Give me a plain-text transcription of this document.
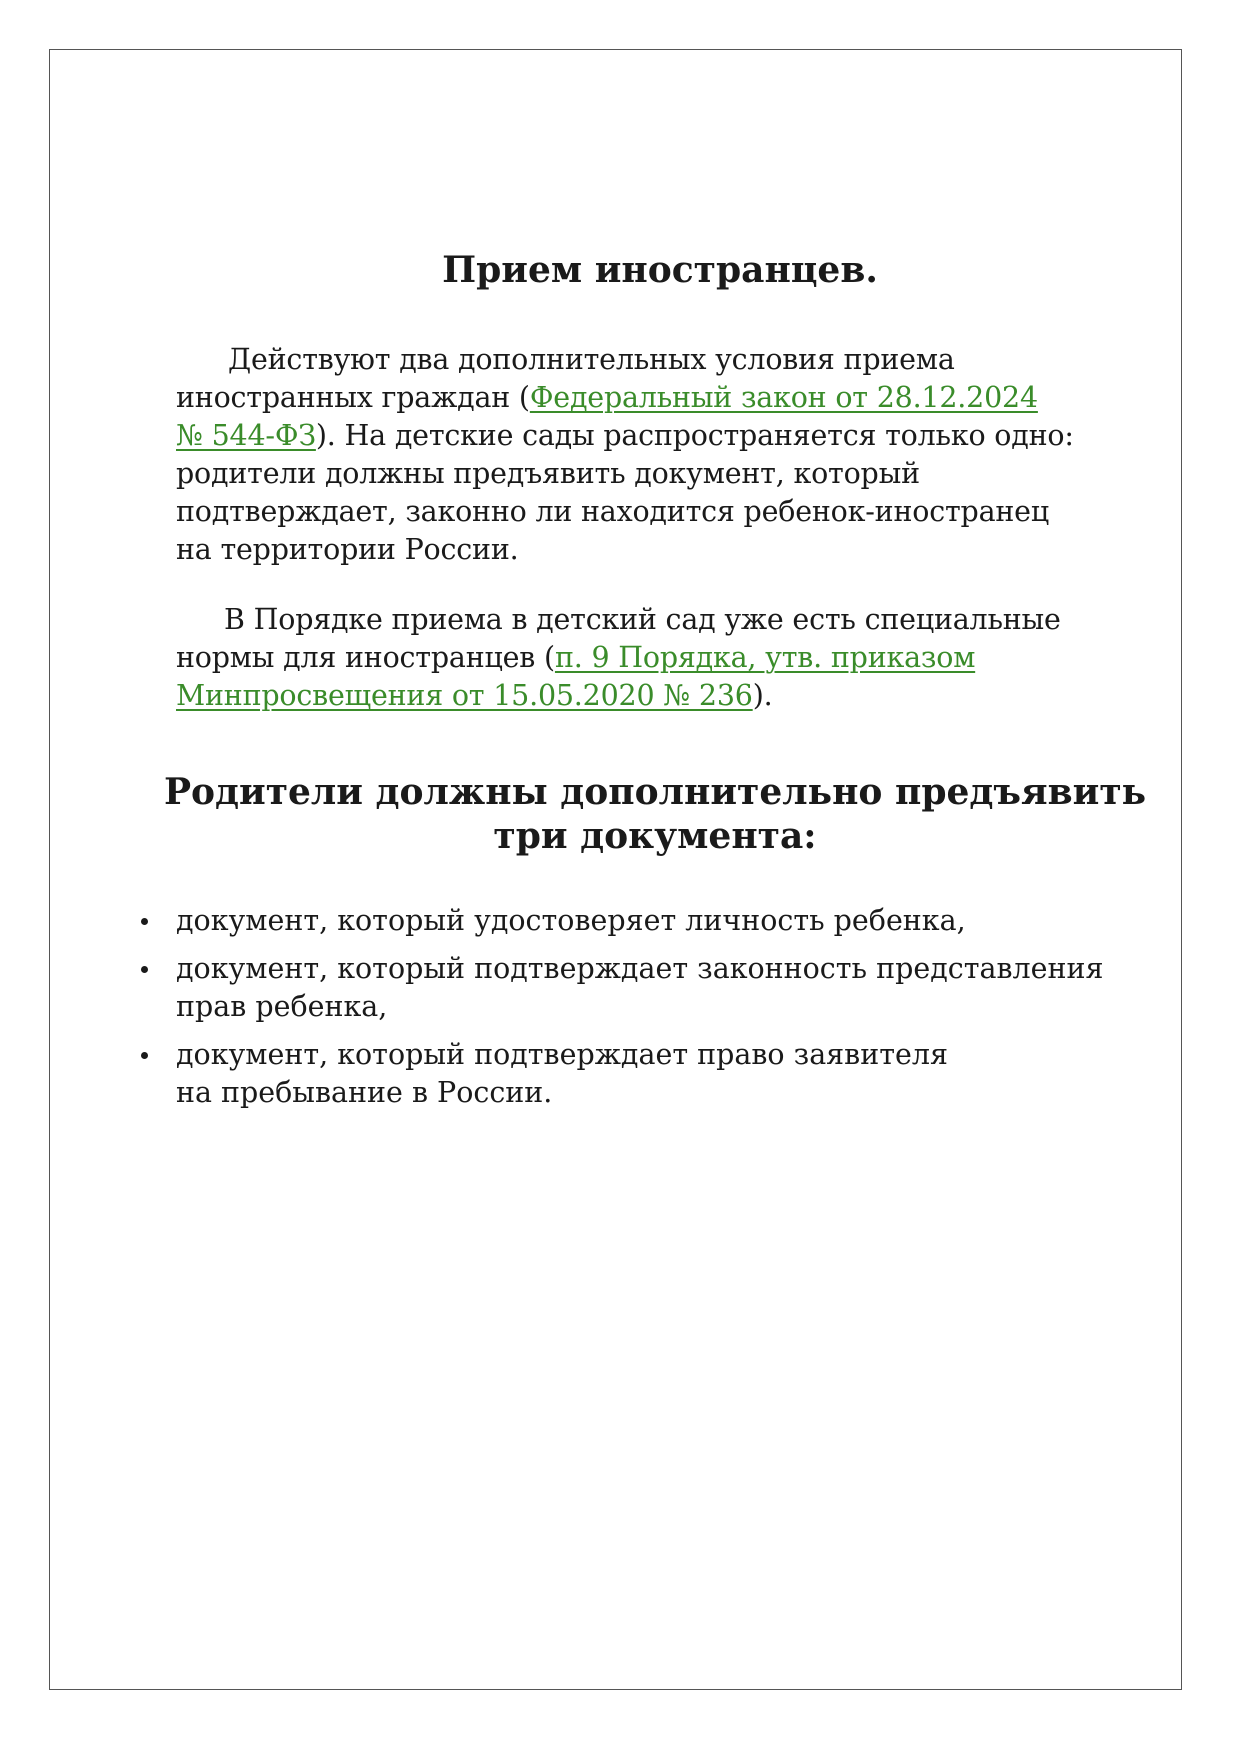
Прием иностранцев.

Действуют два дополнительных условия приема
иностранных граждан (Федеральный закон от 28.12.2024
№ 544-ФЗ). На детские сады распространяется только одно:
родители должны предъявить документ, который
подтверждает, законно ли находится ребенок-иностранец
на территории России.

В Порядке приема в детский сад уже есть специальные
нормы для иностранцев (п. 9 Порядка, утв. приказом
Минпросвещения от 15.05.2020 № 236).

Родители должны дополнительно предъявить
три документа:
документ, который удостоверяет личность ребенка,
документ, который подтверждает законность представления
прав ребенка,
документ, который подтверждает право заявителя
на пребывание в России.
